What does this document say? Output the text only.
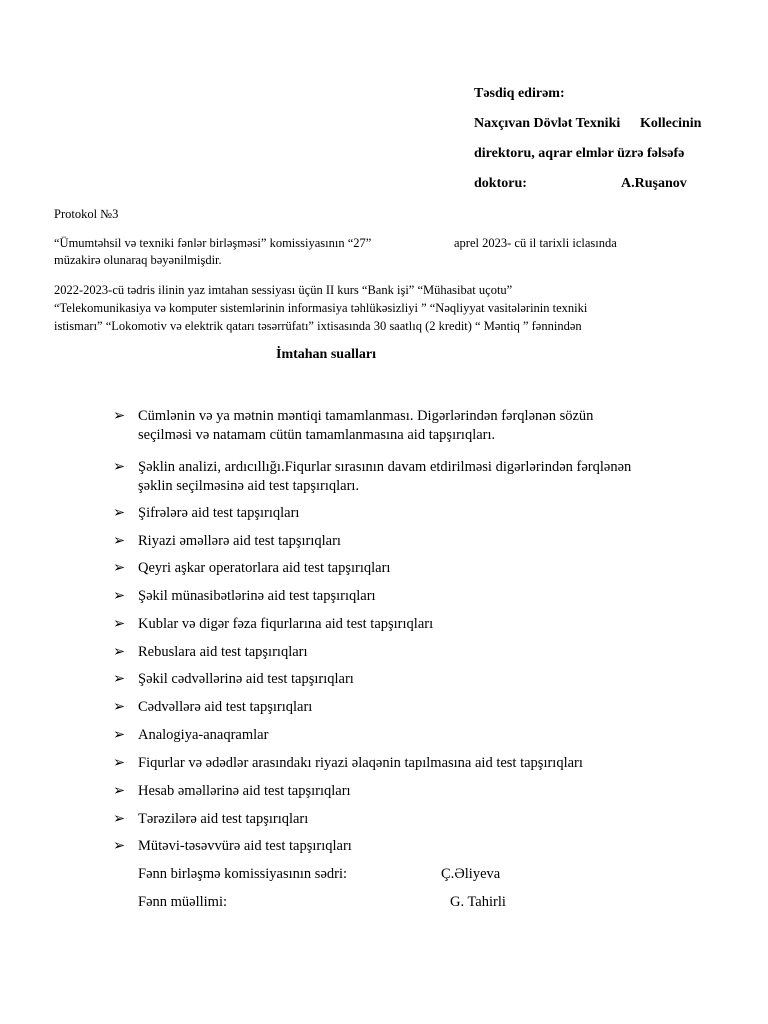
Təsdiq edirəm:
Naxçıvan Dövlət Texniki Kollecinin
direktoru, aqrar elmlər üzrə fəlsəfə
doktoru:	A.Ruşanov
Protokol №3
“Ümumtəhsil və texniki fənlər birləşməsi” komissiyasının “27”	aprel 2023- cü il tarixli iclasında
müzakirə olunaraq bəyənilmişdir.
2022-2023-cü tədris ilinin yaz imtahan sessiyası üçün II kurs “Bank işi” “Mühasibat uçotu”
“Telekomunikasiya və komputer sistemlərinin informasiya təhlükəsizliyi ” “Nəqliyyat vasitələrinin texniki
istismarı” “Lokomotiv və elektrik qatarı təsərrüfatı” ixtisasında 30 saatlıq (2 kredit) “ Məntiq ” fənnindən
İmtahan sualları
➢ Cümlənin və ya mətnin məntiqi tamamlanması. Digərlərindən fərqlənən sözün
seçilməsi və natamam cütün tamamlanmasına aid tapşırıqları.
➢ Şəklin analizi, ardıcıllığı.Fiqurlar sırasının davam etdirilməsi digərlərindən fərqlənən
şəklin seçilməsinə aid test tapşırıqları.
➢ Şifrələrə aid test tapşırıqları
➢ Riyazi əməllərə aid test tapşırıqları
➢ Qeyri aşkar operatorlara aid test tapşırıqları
➢ Şəkil münasibətlərinə aid test tapşırıqları
➢ Kublar və digər fəza fiqurlarına aid test tapşırıqları
➢ Rebuslara aid test tapşırıqları
➢ Şəkil cədvəllərinə aid test tapşırıqları
➢ Cədvəllərə aid test tapşırıqları
➢ Analogiya-anaqramlar
➢ Fiqurlar və ədədlər arasındakı riyazi əlaqənin tapılmasına aid test tapşırıqları
➢ Hesab əməllərinə aid test tapşırıqları
➢ Tərəzilərə aid test tapşırıqları
➢ Mütəvi-təsəvvürə aid test tapşırıqları
Fənn birləşmə komissiyasının sədri:	Ç.Əliyeva
Fənn müəllimi:	G. Tahirli
